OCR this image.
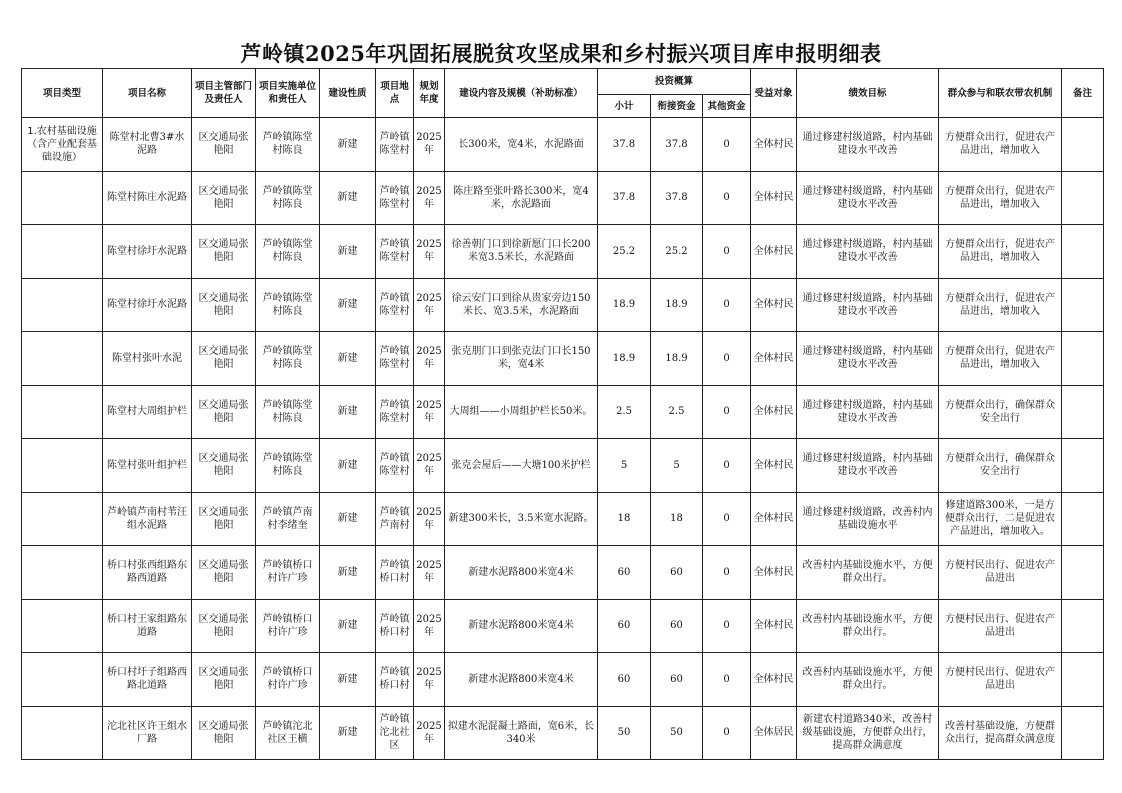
芦岭镇2025年巩固拓展脱贫攻坚成果和乡村振兴项目库申报明细表
项目类型	项目名称	项目主管部门及责任人	项目实施单位和责任人	建设性质	项目地点	规划年度	建设内容及规模（补助标准）	投资概算			受益对象	绩效目标	群众参与和联农带农机制	备注
								小计	衔接资金	其他资金				
1.农村基础设施（含产业配套基础设施）	陈堂村北曹3#水泥路	区交通局张艳阳	芦岭镇陈堂村陈良	新建	芦岭镇陈堂村	2025年	长300米，宽4米，水泥路面	37.8	37.8	0	全体村民	通过修建村级道路，村内基础建设水平改善	方便群众出行，促进农产品进出，增加收入	
	陈堂村陈庄水泥路	区交通局张艳阳	芦岭镇陈堂村陈良	新建	芦岭镇陈堂村	2025年	陈庄路至张叶路长300米，宽4米，水泥路面	37.8	37.8	0	全体村民	通过修建村级道路，村内基础建设水平改善	方便群众出行，促进农产品进出，增加收入	
	陈堂村徐圩水泥路	区交通局张艳阳	芦岭镇陈堂村陈良	新建	芦岭镇陈堂村	2025年	徐善朝门口到徐新愿门口长200米宽3.5米长，水泥路面	25.2	25.2	0	全体村民	通过修建村级道路，村内基础建设水平改善	方便群众出行，促进农产品进出，增加收入	
	陈堂村徐圩水泥路	区交通局张艳阳	芦岭镇陈堂村陈良	新建	芦岭镇陈堂村	2025年	徐云安门口到徐从贵家旁边150米长、宽3.5米，水泥路面	18.9	18.9	0	全体村民	通过修建村级道路，村内基础建设水平改善	方便群众出行，促进农产品进出，增加收入	
	陈堂村张叶水泥	区交通局张艳阳	芦岭镇陈堂村陈良	新建	芦岭镇陈堂村	2025年	张克朋门口到张克法门口长150米，宽4米	18.9	18.9	0	全体村民	通过修建村级道路，村内基础建设水平改善	方便群众出行，促进农产品进出，增加收入	
	陈堂村大周组护栏	区交通局张艳阳	芦岭镇陈堂村陈良	新建	芦岭镇陈堂村	2025年	大周组——小周组护栏长50米。	2.5	2.5	0	全体村民	通过修建村级道路，村内基础建设水平改善	方便群众出行，确保群众安全出行	
	陈堂村张叶组护栏	区交通局张艳阳	芦岭镇陈堂村陈良	新建	芦岭镇陈堂村	2025年	张克会屋后——大塘100米护栏	5	5	0	全体村民	通过修建村级道路，村内基础建设水平改善	方便群众出行，确保群众安全出行	
	芦岭镇芦南村苇汪组水泥路	区交通局张艳阳	芦岭镇芦南村李绪奎	新建	芦岭镇芦南村	2025年	新建300米长，3.5米宽水泥路。	18	18	0	全体村民	通过修建村级道路，改善村内基础设施水平	修建道路300米，一是方便群众出行，二是促进农产品进出，增加收入。	
	桥口村张西组路东路西道路	区交通局张艳阳	芦岭镇桥口村许广珍	新建	芦岭镇桥口村	2025年	新建水泥路800米宽4米	60	60	0	全体村民	改善村内基础设施水平，方便群众出行。	方便村民出行、促进农产品进出	
	桥口村王家组路东道路	区交通局张艳阳	芦岭镇桥口村许广珍	新建	芦岭镇桥口村	2025年	新建水泥路800米宽4米	60	60	0	全体村民	改善村内基础设施水平，方便群众出行。	方便村民出行、促进农产品进出	
	桥口村圩子组路西路北道路	区交通局张艳阳	芦岭镇桥口村许广珍	新建	芦岭镇桥口村	2025年	新建水泥路800米宽4米	60	60	0	全体村民	改善村内基础设施水平，方便群众出行。	方便村民出行、促进农产品进出	
	沱北社区许王组水厂路	区交通局张艳阳	芦岭镇沱北社区王横	新建	芦岭镇沱北社区	2025年	拟建水泥混凝土路面，宽6米，长340米	50	50	0	全体居民	新建农村道路340米，改善村级基础设施，方便群众出行，提高群众满意度	改善村基础设施，方便群众出行，提高群众满意度	
